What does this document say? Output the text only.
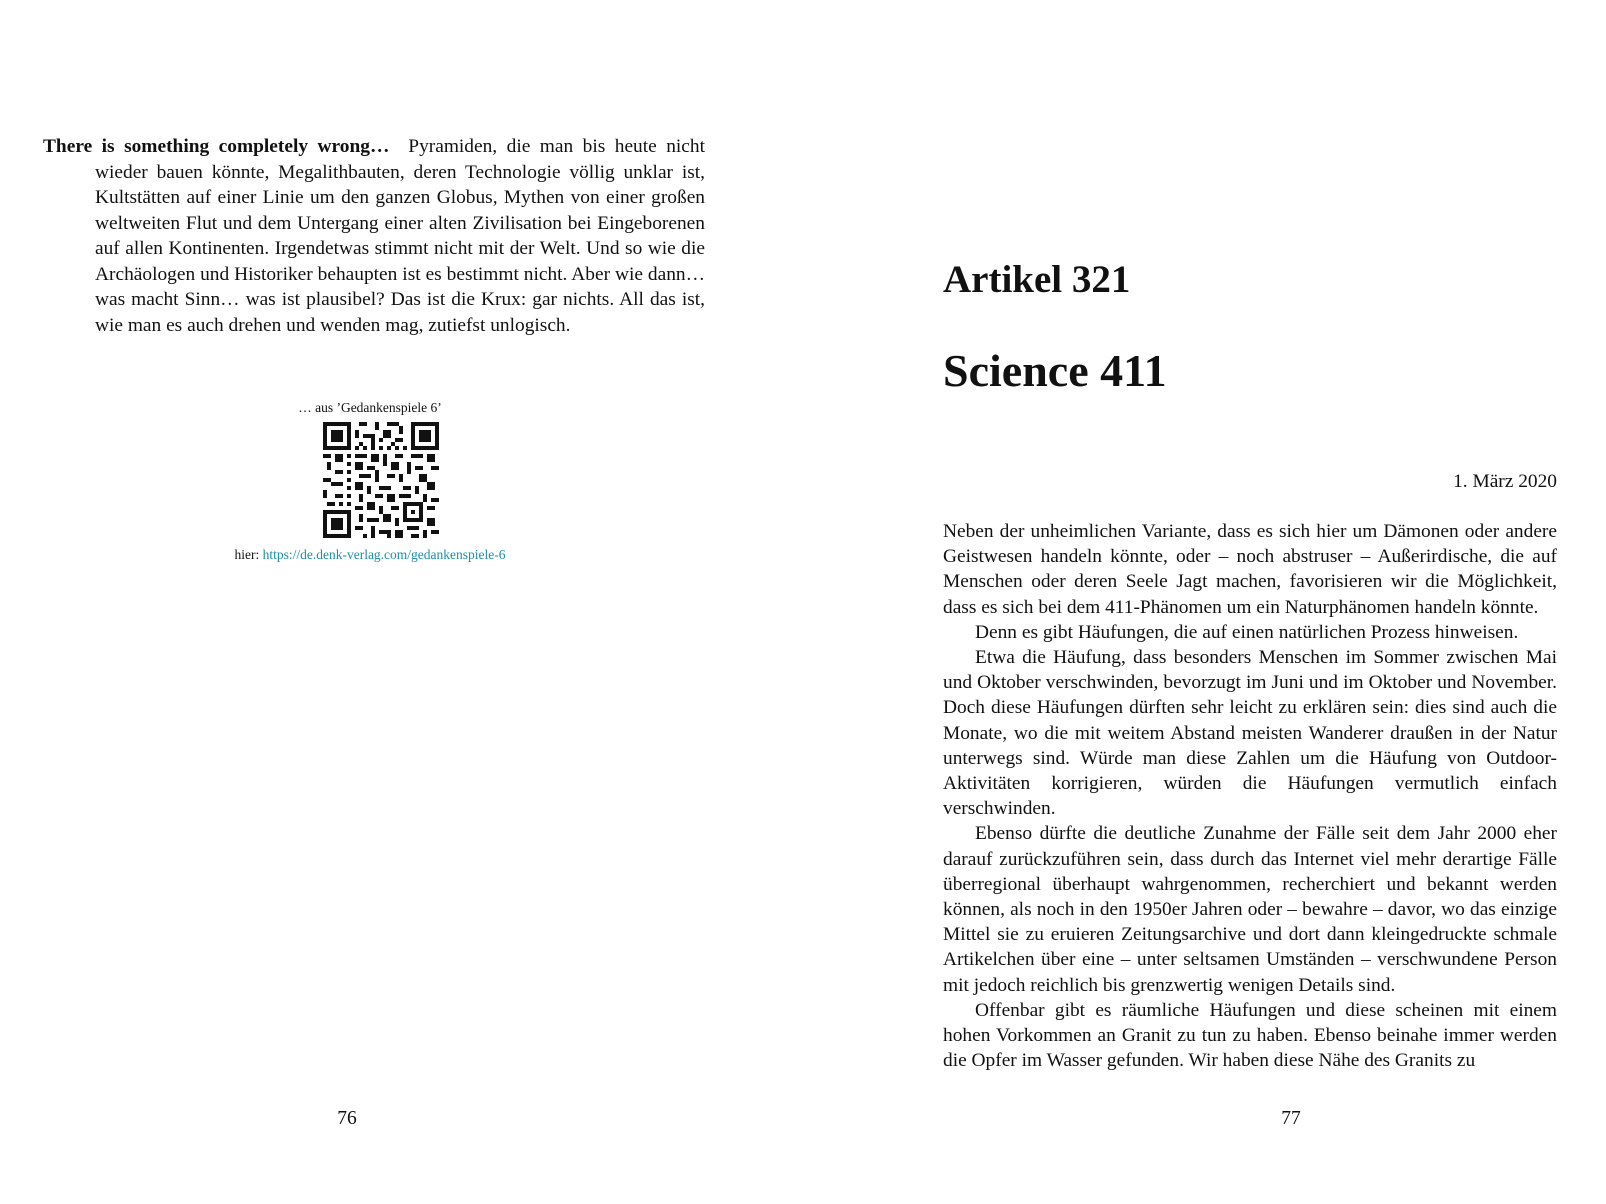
There is something completely wrong… Pyramiden, die man bis heute nicht wieder bauen könnte, Megalithbauten, deren Technologie völlig unklar ist, Kultstätten auf einer Linie um den ganzen Globus, Mythen von einer großen weltweiten Flut und dem Untergang einer alten Zivilisation bei Eingeborenen auf allen Kontinenten. Irgendetwas stimmt nicht mit der Welt. Und so wie die Archäologen und Historiker behaupten ist es bestimmt nicht. Aber wie dann… was macht Sinn… was ist plausibel? Das ist die Krux: gar nichts. All das ist, wie man es auch drehen und wenden mag, zutiefst unlogisch.
… aus ’Gedankenspiele 6’
hier: https://de.denk-verlag.com/gedankenspiele-6
76
Artikel 321
Science 411
1. März 2020

Neben der unheimlichen Variante, dass es sich hier um Dämonen oder andere Geistwesen handeln könnte, oder – noch abstruser – Außerirdische, die auf Menschen oder deren Seele Jagt machen, favorisieren wir die Möglichkeit, dass es sich bei dem 411-Phänomen um ein Naturphänomen handeln könnte.

Denn es gibt Häufungen, die auf einen natürlichen Prozess hinweisen.

Etwa die Häufung, dass besonders Menschen im Sommer zwischen Mai und Oktober verschwinden, bevorzugt im Juni und im Oktober und November. Doch diese Häufungen dürften sehr leicht zu erklären sein: dies sind auch die Monate, wo die mit weitem Abstand meisten Wanderer draußen in der Natur unterwegs sind. Würde man diese Zahlen um die Häufung von Outdoor-Aktivitäten korrigieren, würden die Häufungen vermutlich einfach verschwinden.

Ebenso dürfte die deutliche Zunahme der Fälle seit dem Jahr 2000 eher darauf zurückzuführen sein, dass durch das Internet viel mehr derartige Fälle überregional überhaupt wahrgenommen, recherchiert und bekannt werden können, als noch in den 1950er Jahren oder – bewahre – davor, wo das einzige Mittel sie zu eruieren Zeitungsarchive und dort dann kleingedruckte schmale Artikelchen über eine – unter seltsamen Umständen – verschwundene Person mit jedoch reichlich bis grenzwertig wenigen Details sind.

Offenbar gibt es räumliche Häufungen und diese scheinen mit einem hohen Vorkommen an Granit zu tun zu haben. Ebenso beinahe immer werden die Opfer im Wasser gefunden. Wir haben diese Nähe des Granits zu

77
